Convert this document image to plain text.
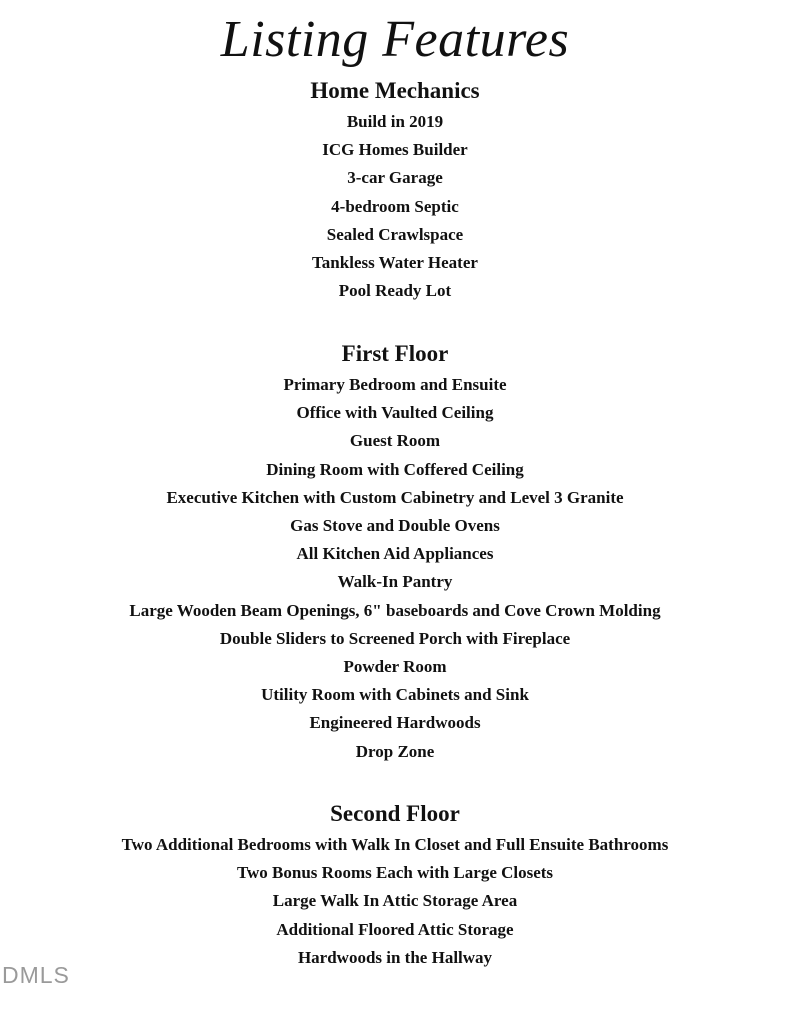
Listing Features
Home Mechanics
Build in 2019
ICG Homes Builder
3-car Garage
4-bedroom Septic
Sealed Crawlspace
Tankless Water Heater
Pool Ready Lot
First Floor
Primary Bedroom and Ensuite
Office with Vaulted Ceiling
Guest Room
Dining Room with Coffered Ceiling
Executive Kitchen with Custom Cabinetry and Level 3 Granite
Gas Stove and Double Ovens
All Kitchen Aid Appliances
Walk-In Pantry
Large Wooden Beam Openings, 6" baseboards and Cove Crown Molding
Double Sliders to Screened Porch with Fireplace
Powder Room
Utility Room with Cabinets and Sink
Engineered Hardwoods
Drop Zone
Second Floor
Two Additional Bedrooms with Walk In Closet and Full Ensuite Bathrooms
Two Bonus Rooms Each with Large Closets
Large Walk In Attic Storage Area
Additional Floored Attic Storage
Hardwoods in the Hallway
DMLS
